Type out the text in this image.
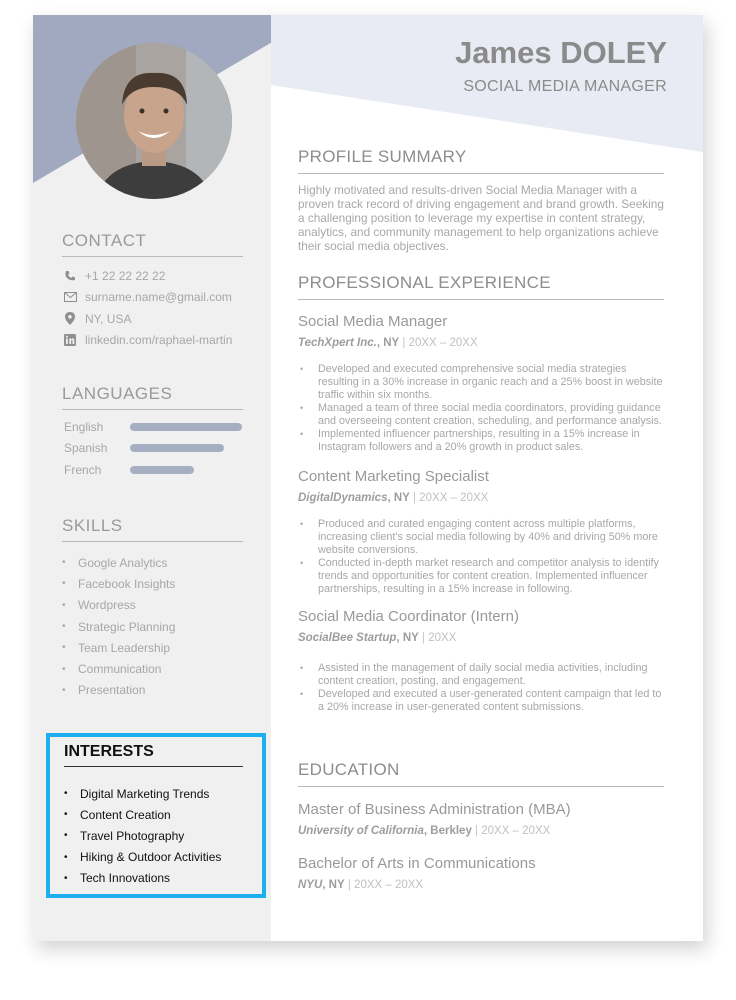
James DOLEY
SOCIAL MEDIA MANAGER
CONTACT
+1 22 22 22 22
surname.name@gmail.com
NY, USA
linkedin.com/raphael-martin
LANGUAGES
English
Spanish
French
SKILLS
•	Google Analytics
•	Facebook Insights
•	Wordpress
•	Strategic Planning
•	Team Leadership
•	Communication
•	Presentation
INTERESTS
•	Digital Marketing Trends
•	Content Creation
•	Travel Photography
•	Hiking & Outdoor Activities
•	Tech Innovations
PROFILE SUMMARY
Highly motivated and results-driven Social Media Manager with a proven track record of driving engagement and brand growth. Seeking a challenging position to leverage my expertise in content strategy, analytics, and community management to help organizations achieve their social media objectives.
PROFESSIONAL EXPERIENCE
Social Media Manager
TechXpert Inc., NY | 20XX – 20XX
• Developed and executed comprehensive social media strategies resulting in a 30% increase in organic reach and a 25% boost in website traffic within six months.
• Managed a team of three social media coordinators, providing guidance and overseeing content creation, scheduling, and performance analysis.
• Implemented influencer partnerships, resulting in a 15% increase in Instagram followers and a 20% growth in product sales.
Content Marketing Specialist
DigitalDynamics, NY | 20XX – 20XX
• Produced and curated engaging content across multiple platforms, increasing client's social media following by 40% and driving 50% more website conversions.
• Conducted in-depth market research and competitor analysis to identify trends and opportunities for content creation. Implemented influencer partnerships, resulting in a 15% increase in following.
Social Media Coordinator (Intern)
SocialBee Startup, NY | 20XX
• Assisted in the management of daily social media activities, including content creation, posting, and engagement.
• Developed and executed a user-generated content campaign that led to a 20% increase in user-generated content submissions.
EDUCATION
Master of Business Administration (MBA)
University of California, Berkley | 20XX – 20XX
Bachelor of Arts in Communications
NYU, NY | 20XX – 20XX
